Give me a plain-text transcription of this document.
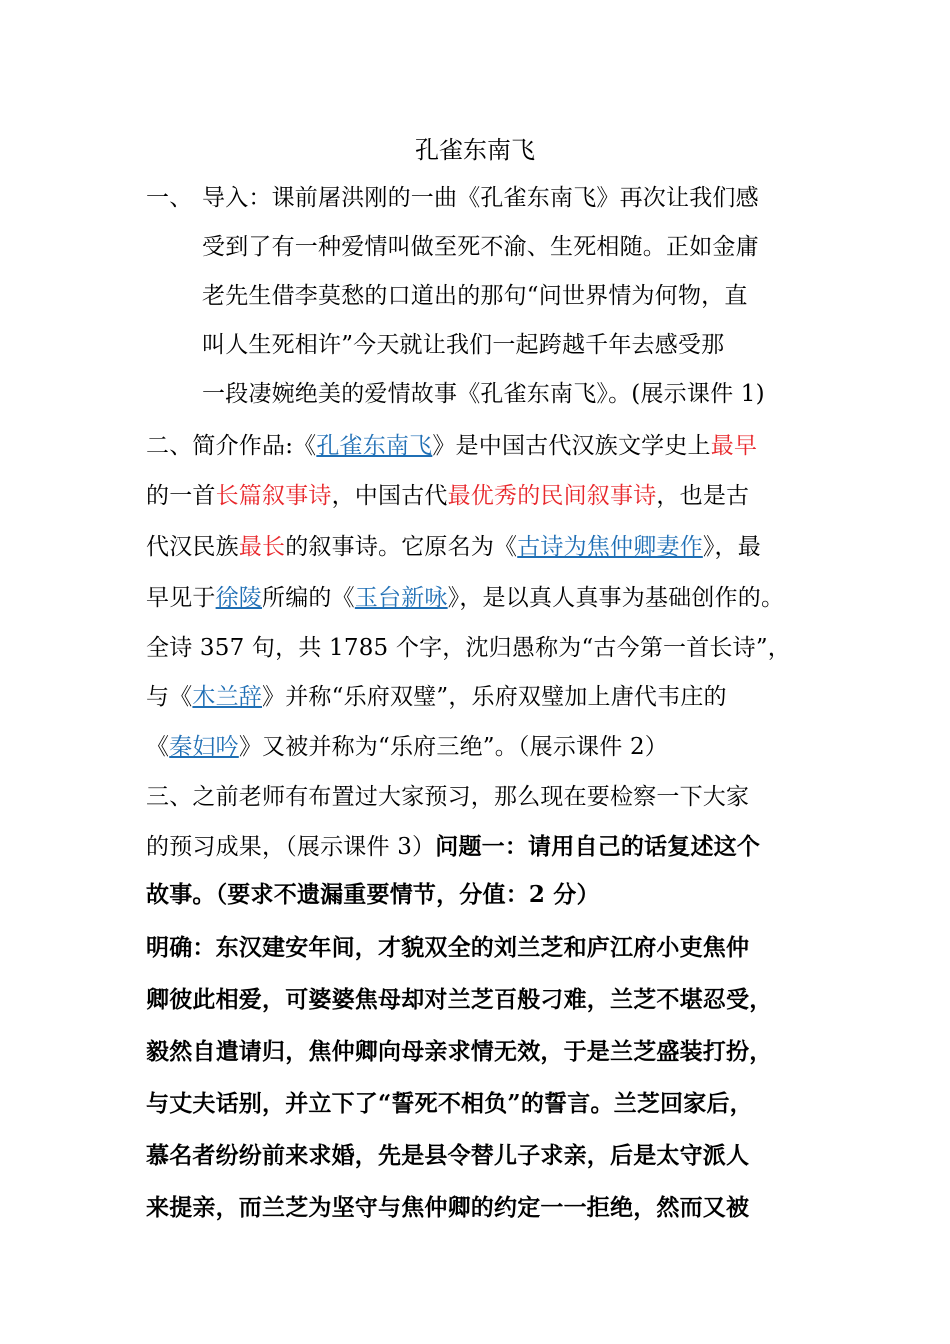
孔雀东南飞
一、 导入：课前屠洪刚的一曲《孔雀东南飞》再次让我们感
受到了有一种爱情叫做至死不渝、生死相随。正如金庸
老先生借李莫愁的口道出的那句“问世界情为何物，直
叫人生死相许”今天就让我们一起跨越千年去感受那
一段凄婉绝美的爱情故事《孔雀东南飞》。(展示课件 1)
二、简介作品:《孔雀东南飞》是中国古代汉族文学史上最早
的一首长篇叙事诗，中国古代最优秀的民间叙事诗，也是古
代汉民族最长的叙事诗。它原名为《古诗为焦仲卿妻作》，最
早见于徐陵所编的《玉台新咏》，是以真人真事为基础创作的。
全诗 357 句，共 1785 个字，沈归愚称为“古今第一首长诗”，
与《木兰辞》并称“乐府双璧”，乐府双璧加上唐代韦庄的
《秦妇吟》又被并称为“乐府三绝”。（展示课件 2）
三、之前老师有布置过大家预习，那么现在要检察一下大家
的预习成果，（展示课件 3）问题一：请用自己的话复述这个
故事。（要求不遗漏重要情节，分值：2 分）
明确：东汉建安年间，才貌双全的刘兰芝和庐江府小吏焦仲
卿彼此相爱，可婆婆焦母却对兰芝百般刁难，兰芝不堪忍受，
毅然自遣请归，焦仲卿向母亲求情无效，于是兰芝盛装打扮，
与丈夫话别，并立下了“誓死不相负”的誓言。兰芝回家后，
慕名者纷纷前来求婚，先是县令替儿子求亲，后是太守派人
来提亲，而兰芝为坚守与焦仲卿的约定一一拒绝，然而又被
